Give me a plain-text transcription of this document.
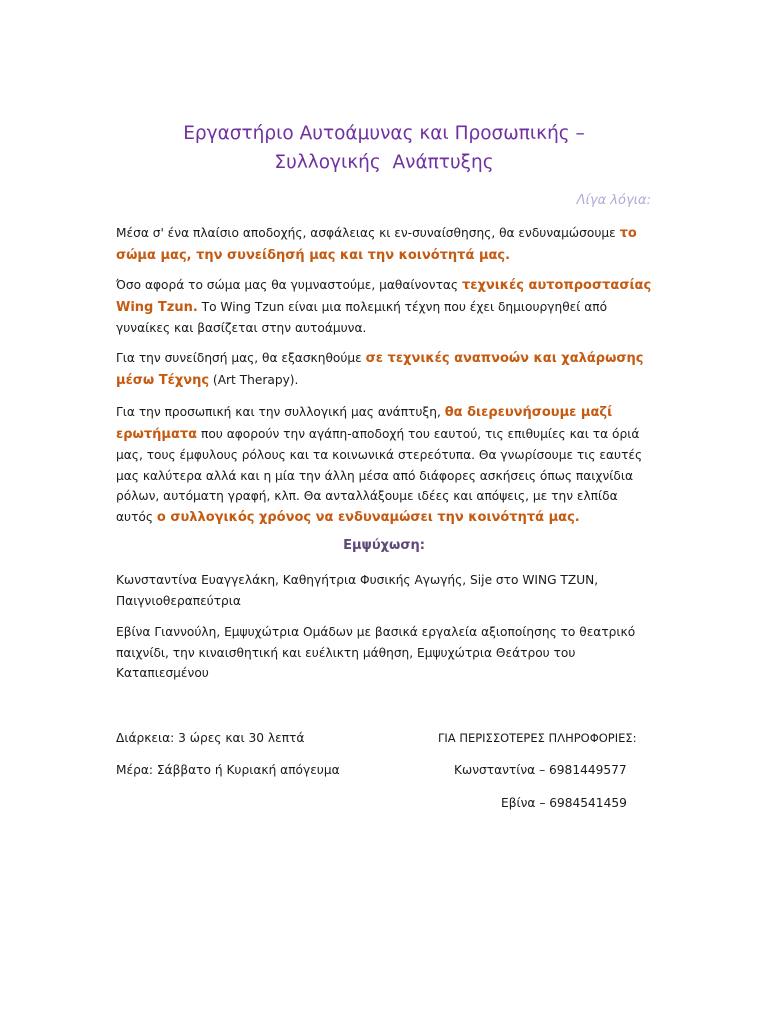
Εργαστήριο Αυτοάμυνας και Προσωπικής –
Συλλογικής  Ανάπτυξης
Λίγα λόγια:

Μέσα σ' ένα πλαίσιο αποδοχής, ασφάλειας κι εν-συναίσθησης, θα ενδυναμώσουμε το σώμα μας, την συνείδησή μας και την κοινότητά μας.

Όσο αφορά το σώμα μας θα γυμναστούμε, μαθαίνοντας τεχνικές αυτοπροστασίας Wing Tzun. Το Wing Tzun είναι μια πολεμική τέχνη που έχει δημιουργηθεί από γυναίκες και βασίζεται στην αυτοάμυνα.

Για την συνείδησή μας, θα εξασκηθούμε σε τεχνικές αναπνοών και χαλάρωσης μέσω Τέχνης (Art Therapy).

Για την προσωπική και την συλλογική μας ανάπτυξη, θα διερευνήσουμε μαζί ερωτήματα που αφορούν την αγάπη-αποδοχή του εαυτού, τις επιθυμίες και τα όριά μας, τους έμφυλους ρόλους και τα κοινωνικά στερεότυπα. Θα γνωρίσουμε τις εαυτές μας καλύτερα αλλά και η μία την άλλη μέσα από διάφορες ασκήσεις όπως παιχνίδια ρόλων, αυτόματη γραφή, κλπ. Θα ανταλλάξουμε ιδέες και απόψεις, με την ελπίδα αυτός ο συλλογικός χρόνος να ενδυναμώσει την κοινότητά μας.

Εμψύχωση:

Κωνσταντίνα Ευαγγελάκη, Καθηγήτρια Φυσικής Αγωγής, Sije στο WING TZUN, Παιγνιοθεραπεύτρια

Εβίνα Γιαννούλη, Εμψυχώτρια Ομάδων με βασικά εργαλεία αξιοποίησης το θεατρικό παιχνίδι, την κιναισθητική και ευέλικτη μάθηση, Εμψυχώτρια Θεάτρου του Καταπιεσμένου

Διάρκεια: 3 ώρες και 30 λεπτά
Μέρα: Σάββατο ή Κυριακή απόγευμα
ΓΙΑ ΠΕΡΙΣΣΟΤΕΡΕΣ ΠΛΗΡΟΦΟΡΙΕΣ:
Κωνσταντίνα – 6981449577
Εβίνα – 6984541459
